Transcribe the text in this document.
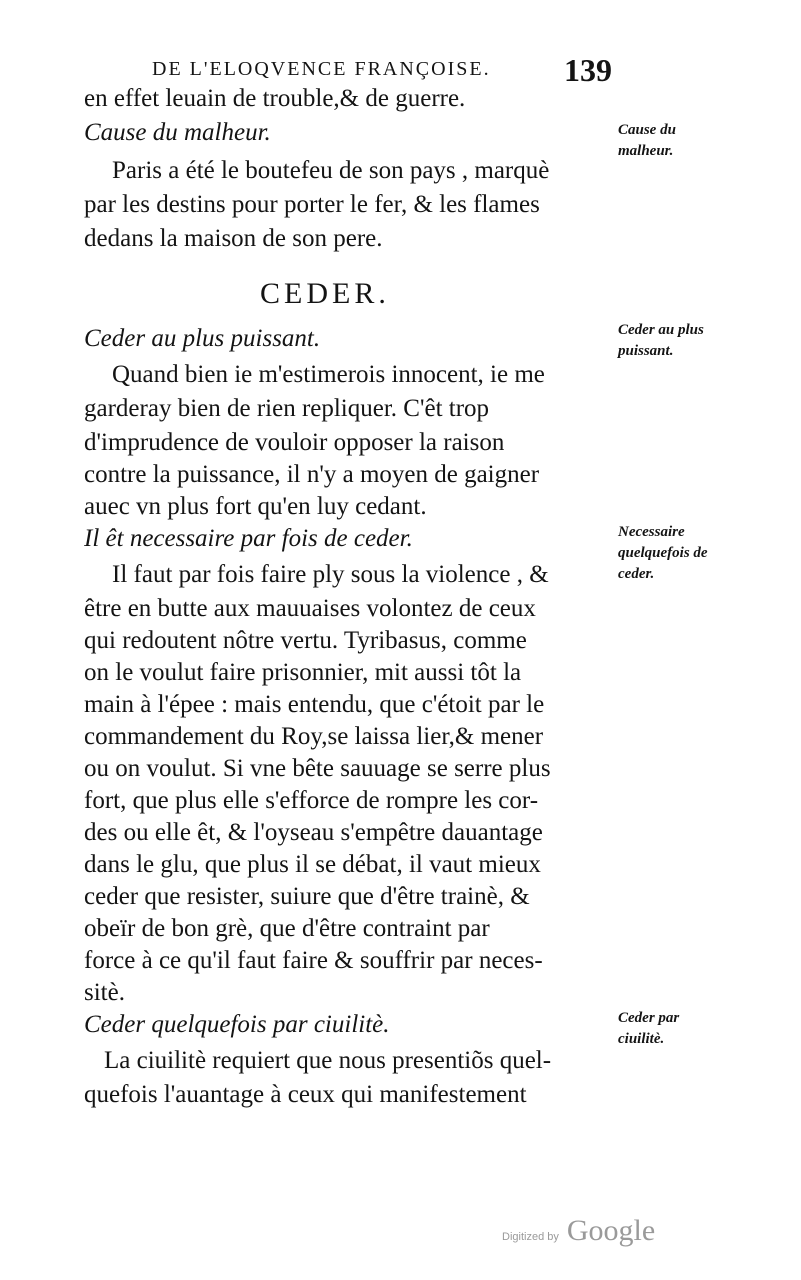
DE L'ELOQVENCE FRANÇOISE. 139
en effet leuain de trouble,& de guerre.
Cause du malheur.
Paris a été le boutefeu de son pays , marquè
par les destins pour porter le fer, & les flames
dedans la maison de son pere.
CEDER.
Ceder au plus puissant.
Quand bien ie m'estimerois innocent, ie me
garderay bien de rien repliquer. C'êt trop
d'imprudence de vouloir opposer la raison
contre la puissance, il n'y a moyen de gaigner
auec vn plus fort qu'en luy cedant.
Il êt necessaire par fois de ceder.
Il faut par fois faire ply sous la violence , &
être en butte aux mauuaises volontez de ceux
qui redoutent nôtre vertu. Tyribasus, comme
on le voulut faire prisonnier, mit aussi tôt la
main à l'épee : mais entendu, que c'étoit par le
commandement du Roy,se laissa lier,& mener
ou on voulut. Si vne bête sauuage se serre plus
fort, que plus elle s'efforce de rompre les cor-
des ou elle êt, & l'oyseau s'empêtre dauantage
dans le glu, que plus il se débat, il vaut mieux
ceder que resister, suiure que d'être trainè, &
obeïr de bon grè, que d'être contraint par
force à ce qu'il faut faire & souffrir par neces-
sitè.
Ceder quelquefois par ciuilitè.
La ciuilitè requiert que nous presentiõs quel-
quefois l'auantage à ceux qui manifestement
Cause du malheur.
Ceder au plus puissant.
Necessaire quelquefois de ceder.
Ceder par ciuilitè.
Digitized by Google
